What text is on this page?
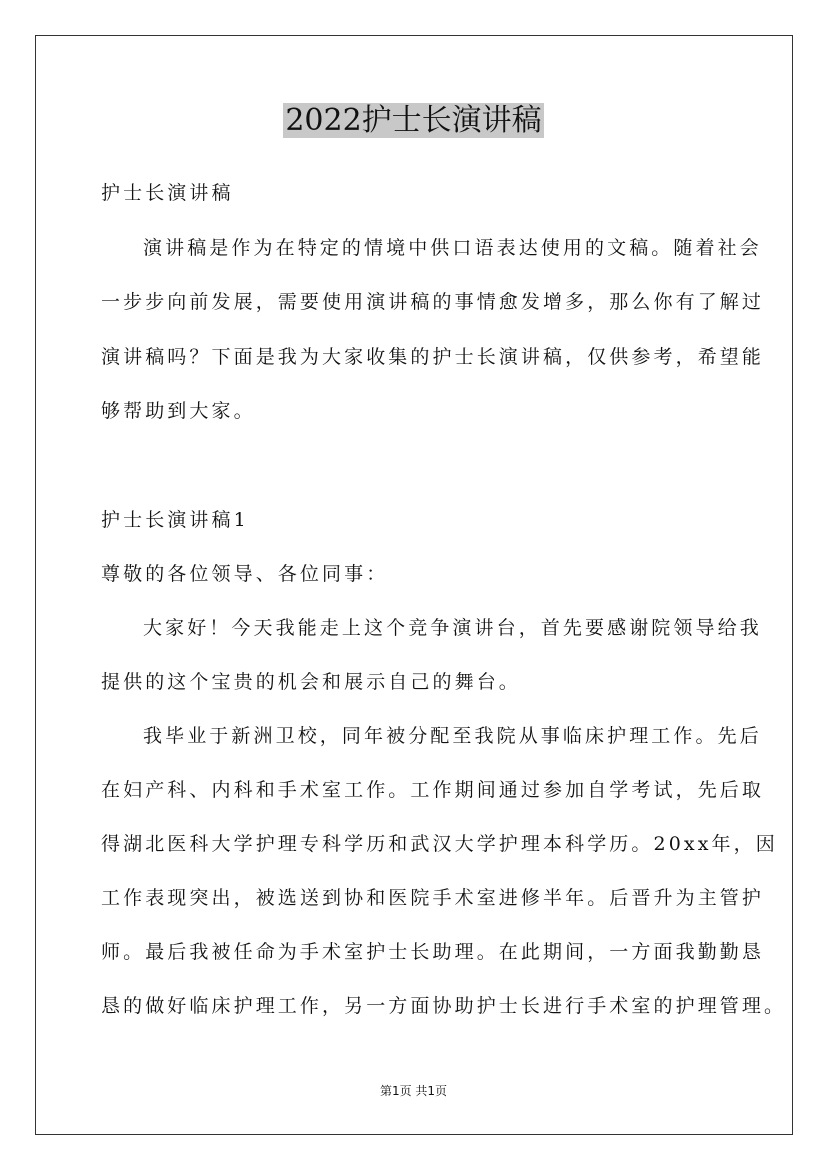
2022护士长演讲稿
护士长演讲稿
演讲稿是作为在特定的情境中供口语表达使用的文稿。随着社会
一步步向前发展，需要使用演讲稿的事情愈发增多，那么你有了解过
演讲稿吗？下面是我为大家收集的护士长演讲稿，仅供参考，希望能
够帮助到大家。
护士长演讲稿1
尊敬的各位领导、各位同事：
大家好！今天我能走上这个竞争演讲台，首先要感谢院领导给我
提供的这个宝贵的机会和展示自己的舞台。
我毕业于新洲卫校，同年被分配至我院从事临床护理工作。先后
在妇产科、内科和手术室工作。工作期间通过参加自学考试，先后取
得湖北医科大学护理专科学历和武汉大学护理本科学历。20xx年，因
工作表现突出，被选送到协和医院手术室进修半年。后晋升为主管护
师。最后我被任命为手术室护士长助理。在此期间，一方面我勤勤恳
恳的做好临床护理工作，另一方面协助护士长进行手术室的护理管理。
第1页 共1页
